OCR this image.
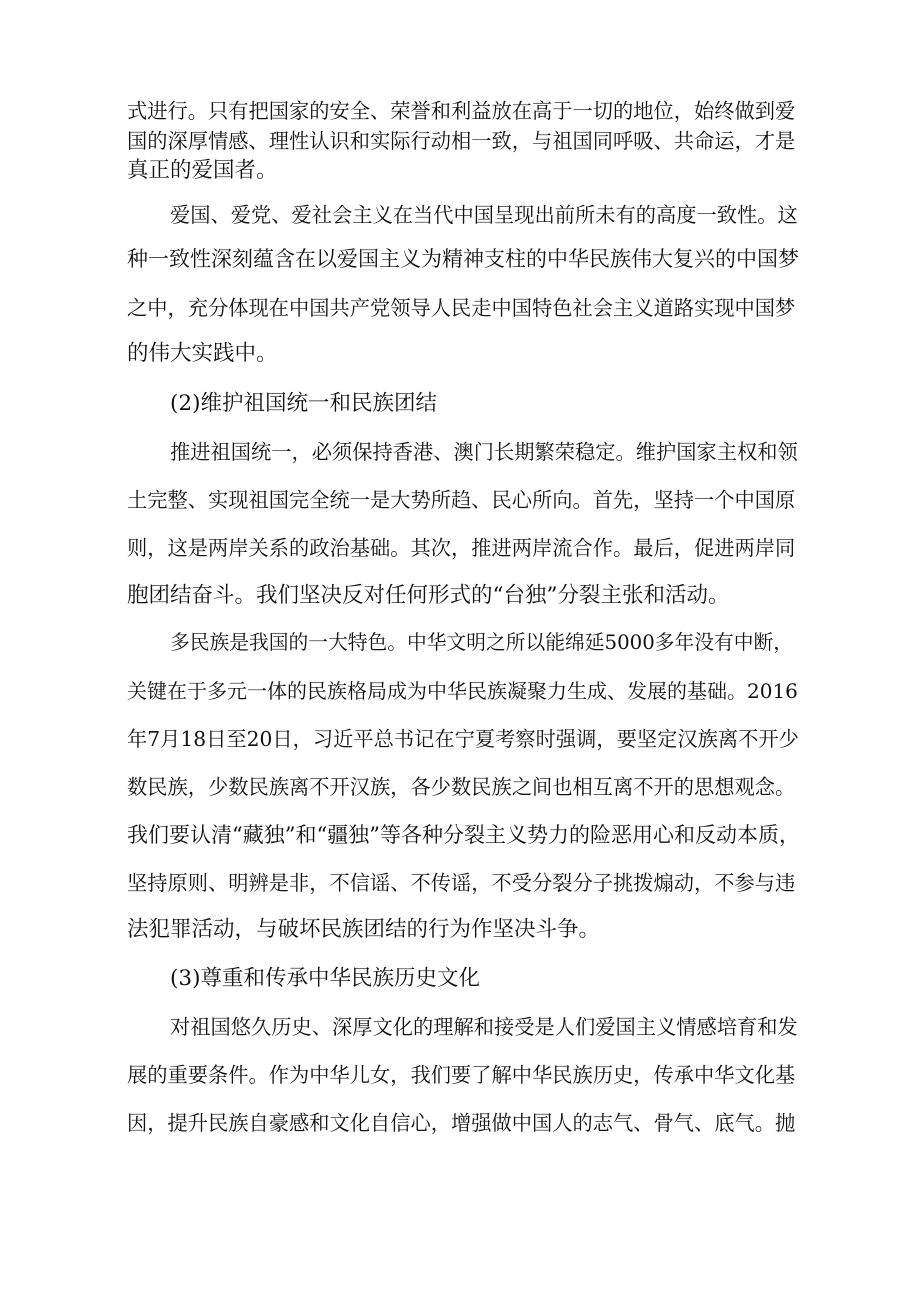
式进行。只有把国家的安全、荣誉和利益放在高于一切的地位，始终做到爱

国的深厚情感、理性认识和实际行动相一致，与祖国同呼吸、共命运，才是

真正的爱国者。

爱国、爱党、爱社会主义在当代中国呈现出前所未有的高度一致性。这

种一致性深刻蕴含在以爱国主义为精神支柱的中华民族伟大复兴的中国梦

之中，充分体现在中国共产党领导人民走中国特色社会主义道路实现中国梦

的伟大实践中。

(2)维护祖国统一和民族团结

推进祖国统一，必须保持香港、澳门长期繁荣稳定。维护国家主权和领

土完整、实现祖国完全统一是大势所趋、民心所向。首先，坚持一个中国原

则，这是两岸关系的政治基础。其次，推进两岸流合作。最后，促进两岸同

胞团结奋斗。我们坚决反对任何形式的“台独”分裂主张和活动。

多民族是我国的一大特色。中华文明之所以能绵延5000多年没有中断，

关键在于多元一体的民族格局成为中华民族凝聚力生成、发展的基础。2016

年7月18日至20日，习近平总书记在宁夏考察时强调，要坚定汉族离不开少

数民族，少数民族离不开汉族，各少数民族之间也相互离不开的思想观念。

我们要认清“藏独”和“疆独”等各种分裂主义势力的险恶用心和反动本质，

坚持原则、明辨是非，不信谣、不传谣，不受分裂分子挑拨煽动，不参与违

法犯罪活动，与破坏民族团结的行为作坚决斗争。

(3)尊重和传承中华民族历史文化

对祖国悠久历史、深厚文化的理解和接受是人们爱国主义情感培育和发

展的重要条件。作为中华儿女，我们要了解中华民族历史，传承中华文化基

因，提升民族自豪感和文化自信心，增强做中国人的志气、骨气、底气。抛
